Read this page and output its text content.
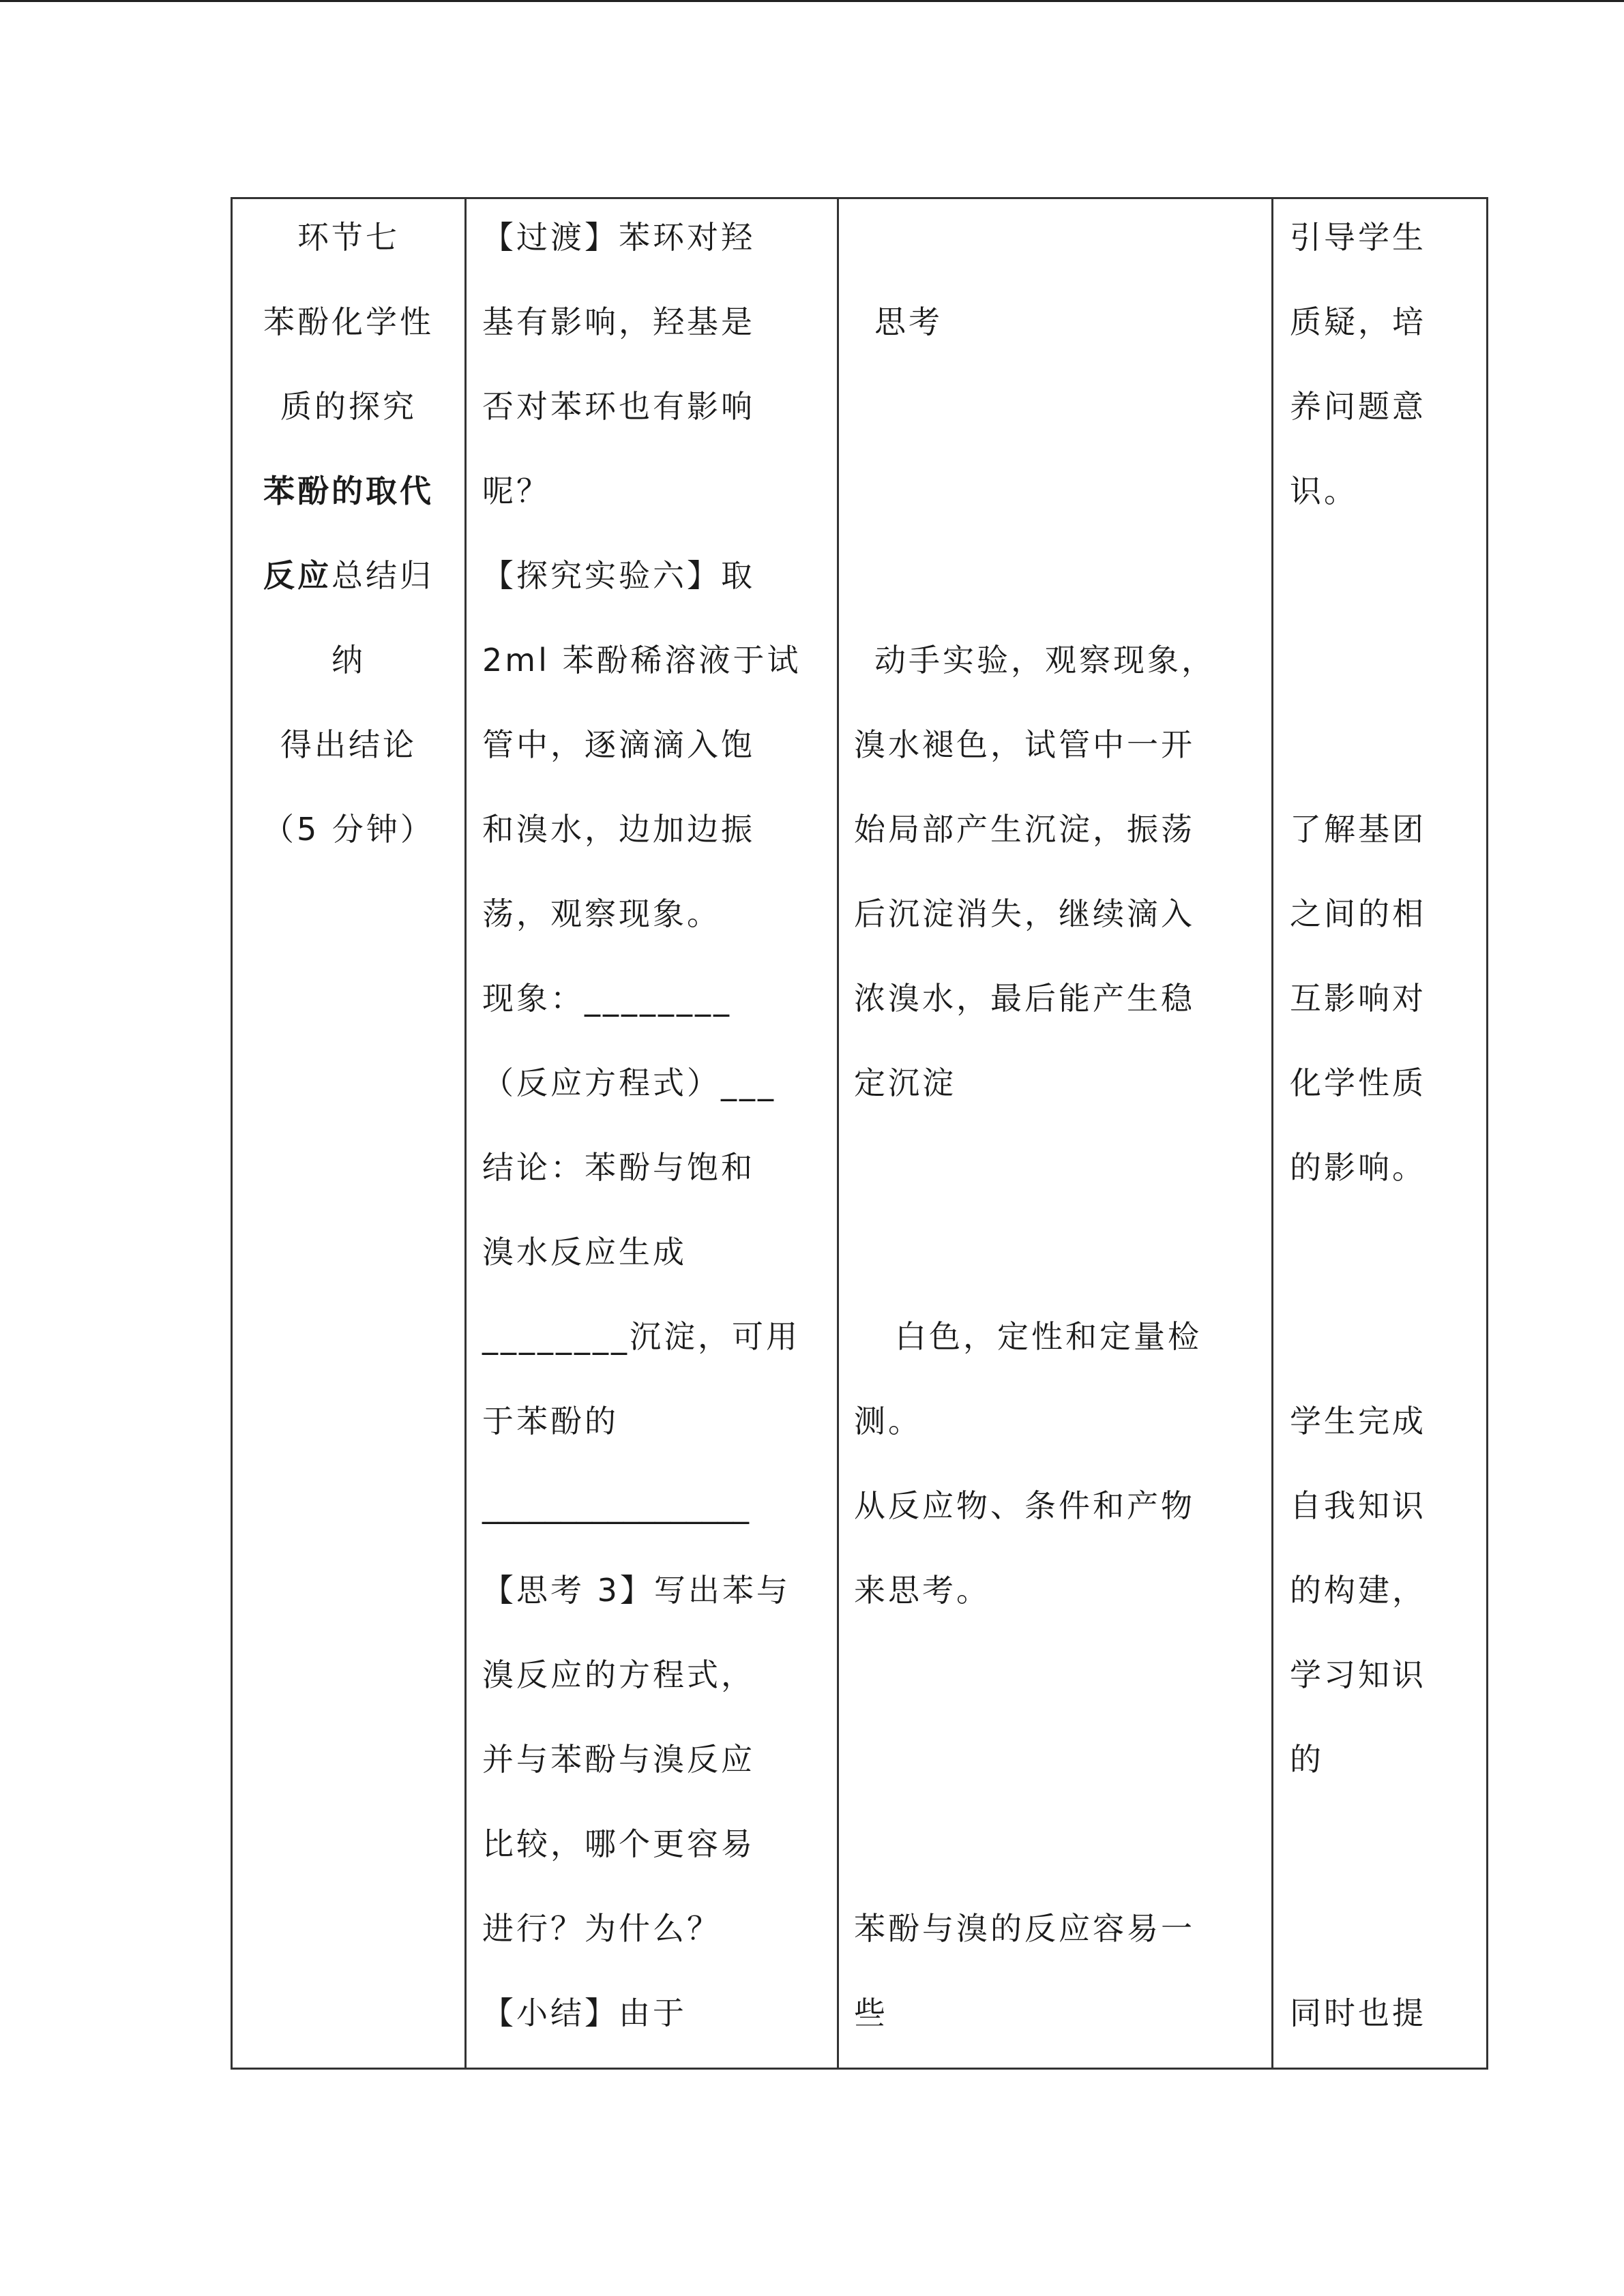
环节七
苯酚化学性
质的探究
苯酚的取代
反应总结归
纳
得出结论
（5 分钟）
【过渡】苯环对羟
基有影响，羟基是
否对苯环也有影响
呢？
【探究实验六】取
2ml 苯酚稀溶液于试
管中，逐滴滴入饱
和溴水，边加边振
荡，观察现象。
现象：________
（反应方程式）___
结论：苯酚与饱和
溴水反应生成
________沉淀，可用
于苯酚的
_________________
【思考 3】写出苯与
溴反应的方程式，
并与苯酚与溴反应
比较，哪个更容易
进行？为什么？
【小结】由于
思考
动手实验，观察现象，
溴水褪色，试管中一开
始局部产生沉淀，振荡
后沉淀消失，继续滴入
浓溴水，最后能产生稳
定沉淀
白色，定性和定量检
测。
从反应物、条件和产物
来思考。
苯酚与溴的反应容易一
些
引导学生
质疑，培
养问题意
识。
了解基团
之间的相
互影响对
化学性质
的影响。
学生完成
自我知识
的构建，
学习知识
的
同时也提
